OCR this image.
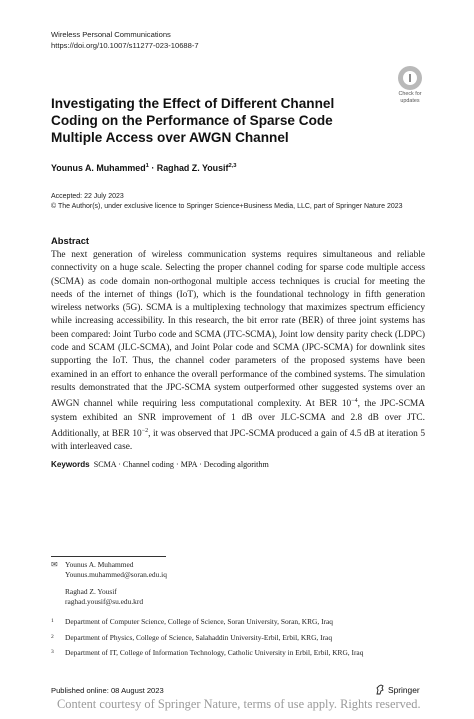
Wireless Personal Communications
https://doi.org/10.1007/s11277-023-10688-7
Check for
updates
Investigating the Effect of Different Channel Coding on the Performance of Sparse Code Multiple Access over AWGN Channel
Younus A. Muhammed$^1$ · Raghad Z. Yousif$^{2,3}$
Accepted: 22 July 2023
© The Author(s), under exclusive licence to Springer Science+Business Media, LLC, part of Springer Nature 2023
Abstract
The next generation of wireless communication systems requires simultaneous and reliable connectivity on a huge scale. Selecting the proper channel coding for sparse code multiple access (SCMA) as code domain non-orthogonal multiple access techniques is crucial for meeting the needs of the internet of things (IoT), which is the foundational technology in fifth generation wireless networks (5G). SCMA is a multiplexing technology that maximizes spectrum efficiency while increasing accessibility. In this research, the bit error rate (BER) of three joint systems has been compared: Joint Turbo code and SCMA (JTC-SCMA), Joint low density parity check (LDPC) code and SCAM (JLC-SCMA), and Joint Polar code and SCMA (JPC-SCMA) for downlink sites supporting the IoT. Thus, the channel coder parameters of the proposed systems have been examined in an effort to enhance the overall performance of the combined systems. The simulation results demonstrated that the JPC-SCMA system outperformed other suggested systems over an AWGN channel while requiring less computational complexity. At BER $10^{-4}$, the JPC-SCMA system exhibited an SNR improvement of 1 dB over JLC-SCMA and 2.8 dB over JTC. Additionally, at BER $10^{-2}$, it was observed that JPC-SCMA produced a gain of 4.5 dB at iteration 5 with interleaved case.
Keywords SCMA · Channel coding · MPA · Decoding algorithm
✉ Younus A. Muhammed
Younus.muhammed@soran.edu.iq
Raghad Z. Yousif
raghad.yousif@su.edu.krd
1	Department of Computer Science, College of Science, Soran University, Soran, KRG, Iraq
2	Department of Physics, College of Science, Salahaddin University-Erbil, Erbil, KRG, Iraq
3	Department of IT, College of Information Technology, Catholic University in Erbil, Erbil, KRG, Iraq
Published online: 08 August 2023	Springer
Content courtesy of Springer Nature, terms of use apply. Rights reserved.
